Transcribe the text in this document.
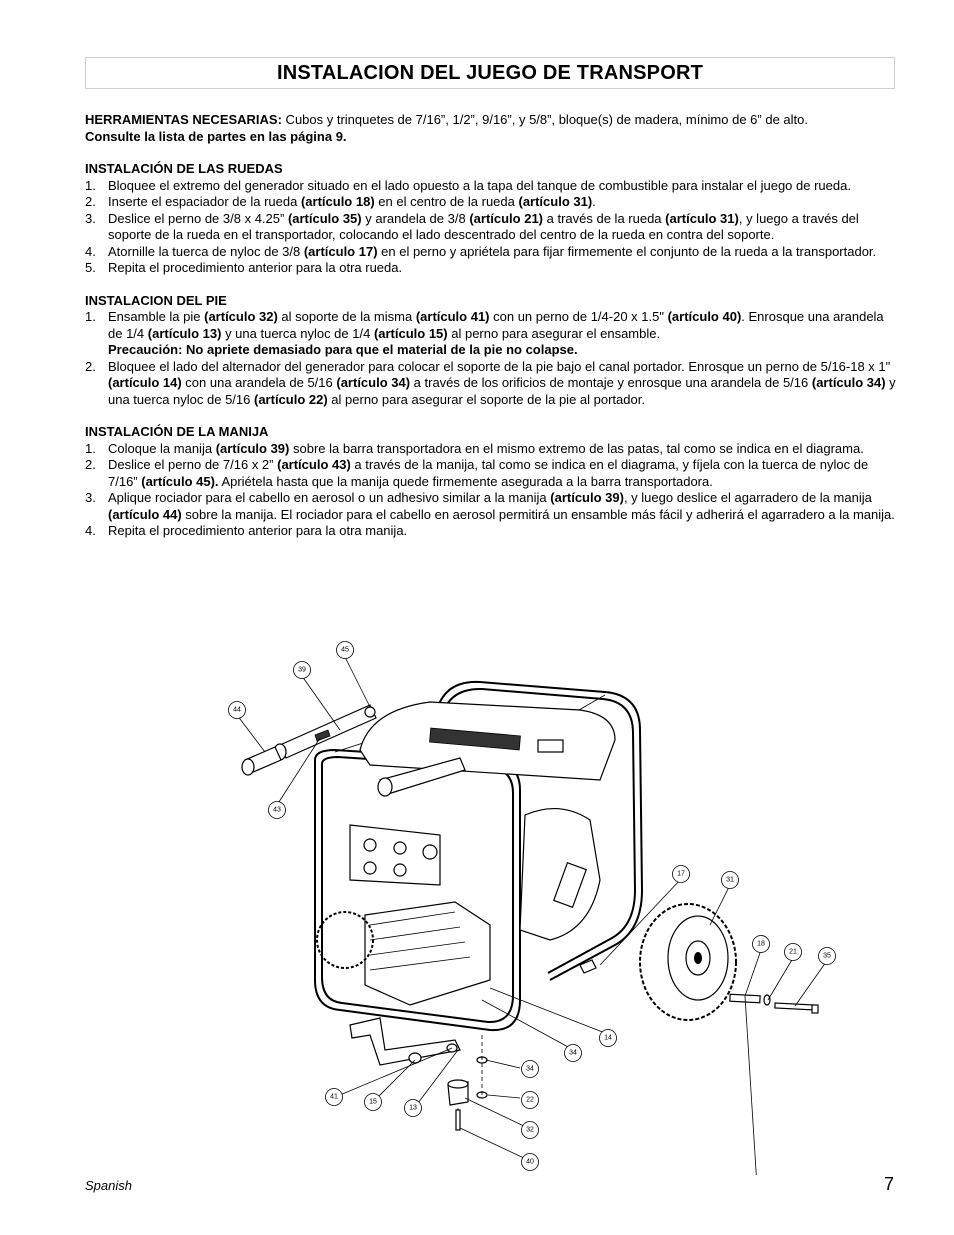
INSTALACION DEL JUEGO DE TRANSPORT
HERRAMIENTAS NECESARIAS: Cubos y trinquetes de 7/16”, 1/2”, 9/16”, y 5/8”, bloque(s) de madera, mínimo de 6” de alto.
Consulte la lista de partes en las página 9.
INSTALACIÓN DE LAS RUEDAS
1. Bloquee el extremo del generador situado en el lado opuesto a la tapa del tanque de combustible para instalar el juego de rueda.
2. Inserte el espaciador de la rueda (artículo 18) en el centro de la rueda (artículo 31).
3. Deslice el perno de 3/8 x 4.25” (artículo 35) y arandela de 3/8 (artículo 21) a través de la rueda (artículo 31), y luego a través del soporte de la rueda en el transportador, colocando el lado descentrado del centro de la rueda en contra del soporte.
4. Atornille la tuerca de nyloc de 3/8 (artículo 17) en el perno y apriétela para fijar firmemente el conjunto de la rueda a la transportador.
5. Repita el procedimiento anterior para la otra rueda.
INSTALACION DEL PIE
1. Ensamble la pie (artículo 32) al soporte de la misma (artículo 41) con un perno de 1/4-20 x 1.5" (artículo 40). Enrosque una arandela de 1/4 (artículo 13) y una tuerca nyloc de 1/4 (artículo 15) al perno para asegurar el ensamble.
Precaución: No apriete demasiado para que el material de la pie no colapse.
2. Bloquee el lado del alternador del generador para colocar el soporte de la pie bajo el canal portador. Enrosque un perno de 5/16-18 x 1" (artículo 14) con una arandela de 5/16 (artículo 34) a través de los orificios de montaje y enrosque una arandela de 5/16 (artículo 34) y una tuerca nyloc de 5/16 (artículo 22) al perno para asegurar el soporte de la pie al portador.
INSTALACIÓN DE LA MANIJA
1. Coloque la manija (artículo 39) sobre la barra transportadora en el mismo extremo de las patas, tal como se indica en el diagrama.
2. Deslice el perno de 7/16 x 2” (artículo 43) a través de la manija, tal como se indica en el diagrama, y fíjela con la tuerca de nyloc de 7/16” (artículo 45). Apriétela hasta que la manija quede firmemente asegurada a la barra transportadora.
3. Aplique rociador para el cabello en aerosol o un adhesivo similar a la manija (artículo 39), y luego deslice el agarradero de la manija (artículo 44) sobre la manija. El rociador para el cabello en aerosol permitirá un ensamble más fácil y adherirá el agarradero a la manija.
4. Repita el procedimiento anterior para la otra manija.
45
39
44
43
17
31
18
21
35
14
34
34
22
41
15
13
32
40
Spanish	7
